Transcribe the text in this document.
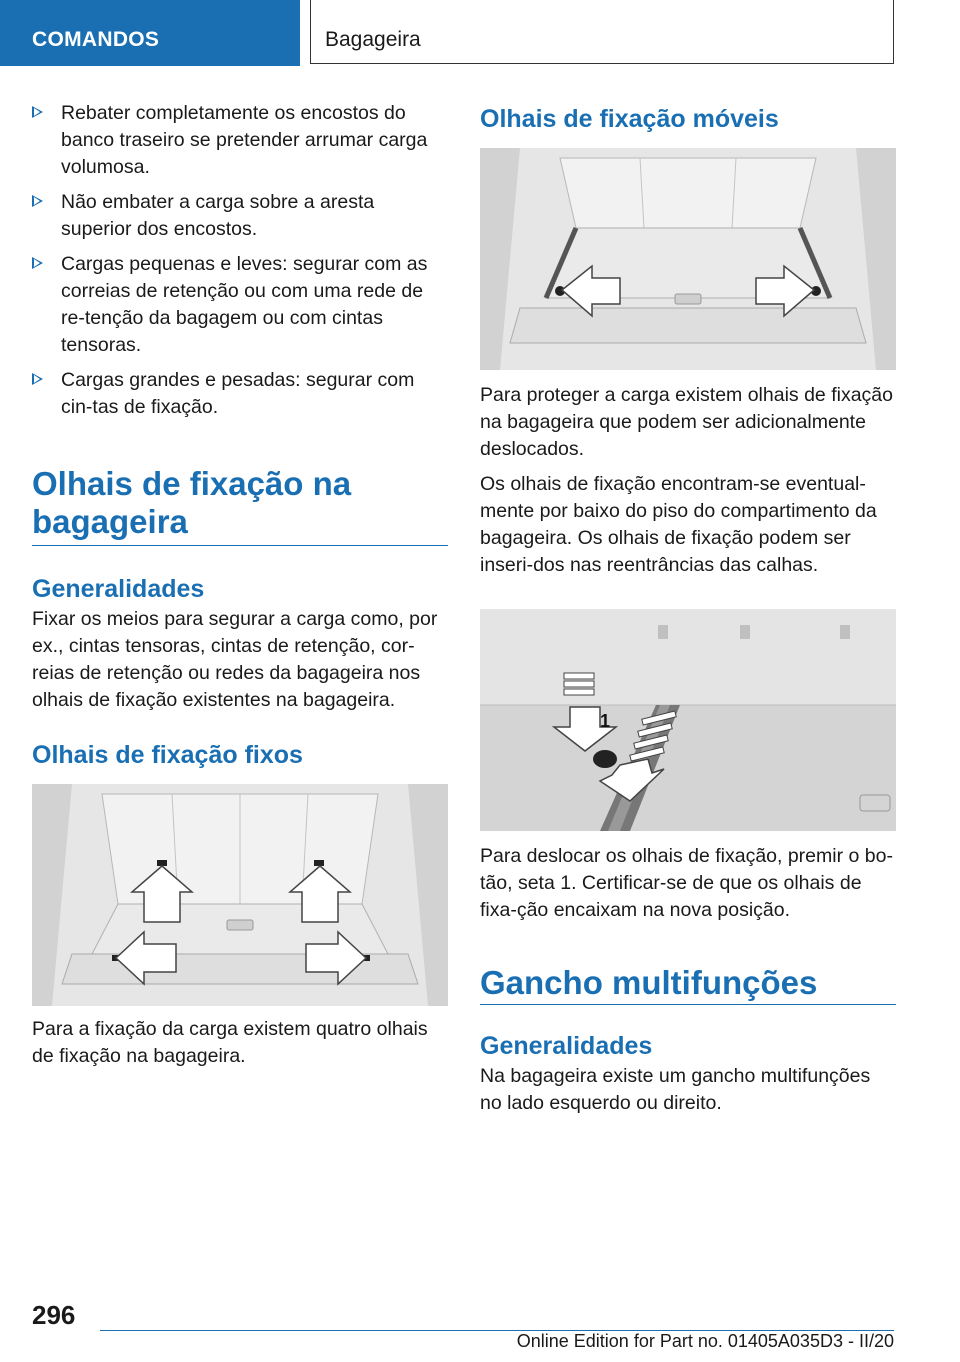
COMANDOS	Bagageira
Rebater completamente os encostos do banco traseiro se pretender arrumar carga volumosa.
Não embater a carga sobre a aresta superior dos encostos.
Cargas pequenas e leves: segurar com as correias de retenção ou com uma rede de re-tenção da bagagem ou com cintas tensoras.
Cargas grandes e pesadas: segurar com cin-tas de fixação.
Olhais de fixação na bagageira
Generalidades

Fixar os meios para segurar a carga como, por ex., cintas tensoras, cintas de retenção, cor-reias de retenção ou redes da bagageira nos olhais de fixação existentes na bagageira.

Olhais de fixação fixos

Para a fixação da carga existem quatro olhais de fixação na bagageira.

Olhais de fixação móveis

Para proteger a carga existem olhais de fixação na bagageira que podem ser adicionalmente deslocados.

Os olhais de fixação encontram-se eventual-mente por baixo do piso do compartimento da bagageira. Os olhais de fixação podem ser inseri-dos nas reentrâncias das calhas.

1

Para deslocar os olhais de fixação, premir o bo-tão, seta 1. Certificar-se de que os olhais de fixa-ção encaixam na nova posição.

Gancho multifunções
Generalidades

Na bagageira existe um gancho multifunções no lado esquerdo ou direito.

296
Online Edition for Part no. 01405A035D3 - II/20
